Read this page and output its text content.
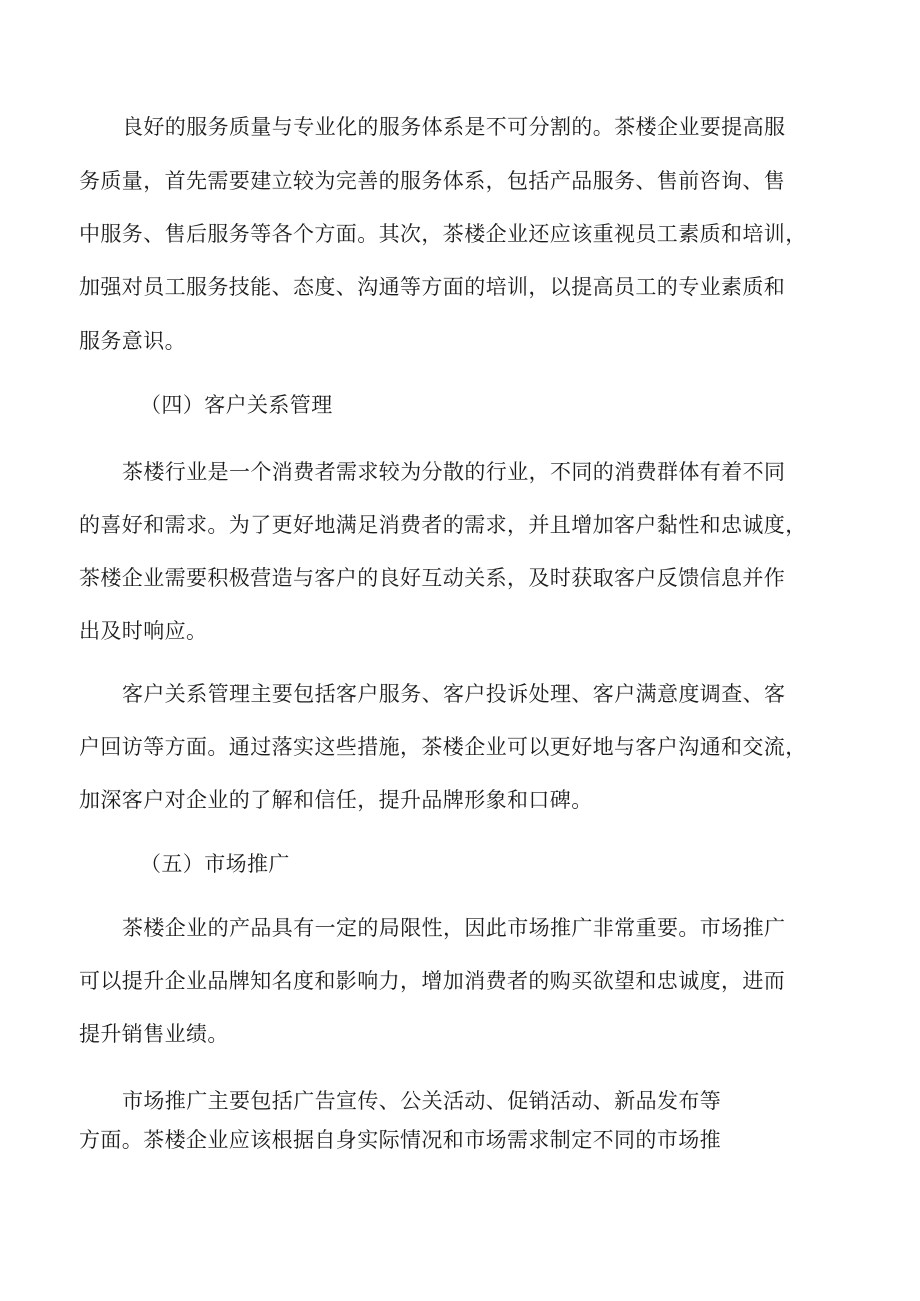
良好的服务质量与专业化的服务体系是不可分割的。茶楼企业要提高服
务质量，首先需要建立较为完善的服务体系，包括产品服务、售前咨询、售
中服务、售后服务等各个方面。其次，茶楼企业还应该重视员工素质和培训，
加强对员工服务技能、态度、沟通等方面的培训，以提高员工的专业素质和
服务意识。
（四）客户关系管理
茶楼行业是一个消费者需求较为分散的行业，不同的消费群体有着不同
的喜好和需求。为了更好地满足消费者的需求，并且增加客户黏性和忠诚度，
茶楼企业需要积极营造与客户的良好互动关系，及时获取客户反馈信息并作
出及时响应。
客户关系管理主要包括客户服务、客户投诉处理、客户满意度调查、客
户回访等方面。通过落实这些措施，茶楼企业可以更好地与客户沟通和交流，
加深客户对企业的了解和信任，提升品牌形象和口碑。
（五）市场推广
茶楼企业的产品具有一定的局限性，因此市场推广非常重要。市场推广
可以提升企业品牌知名度和影响力，增加消费者的购买欲望和忠诚度，进而
提升销售业绩。
市场推广主要包括广告宣传、公关活动、促销活动、新品发布等
方面。茶楼企业应该根据自身实际情况和市场需求制定不同的市场推
